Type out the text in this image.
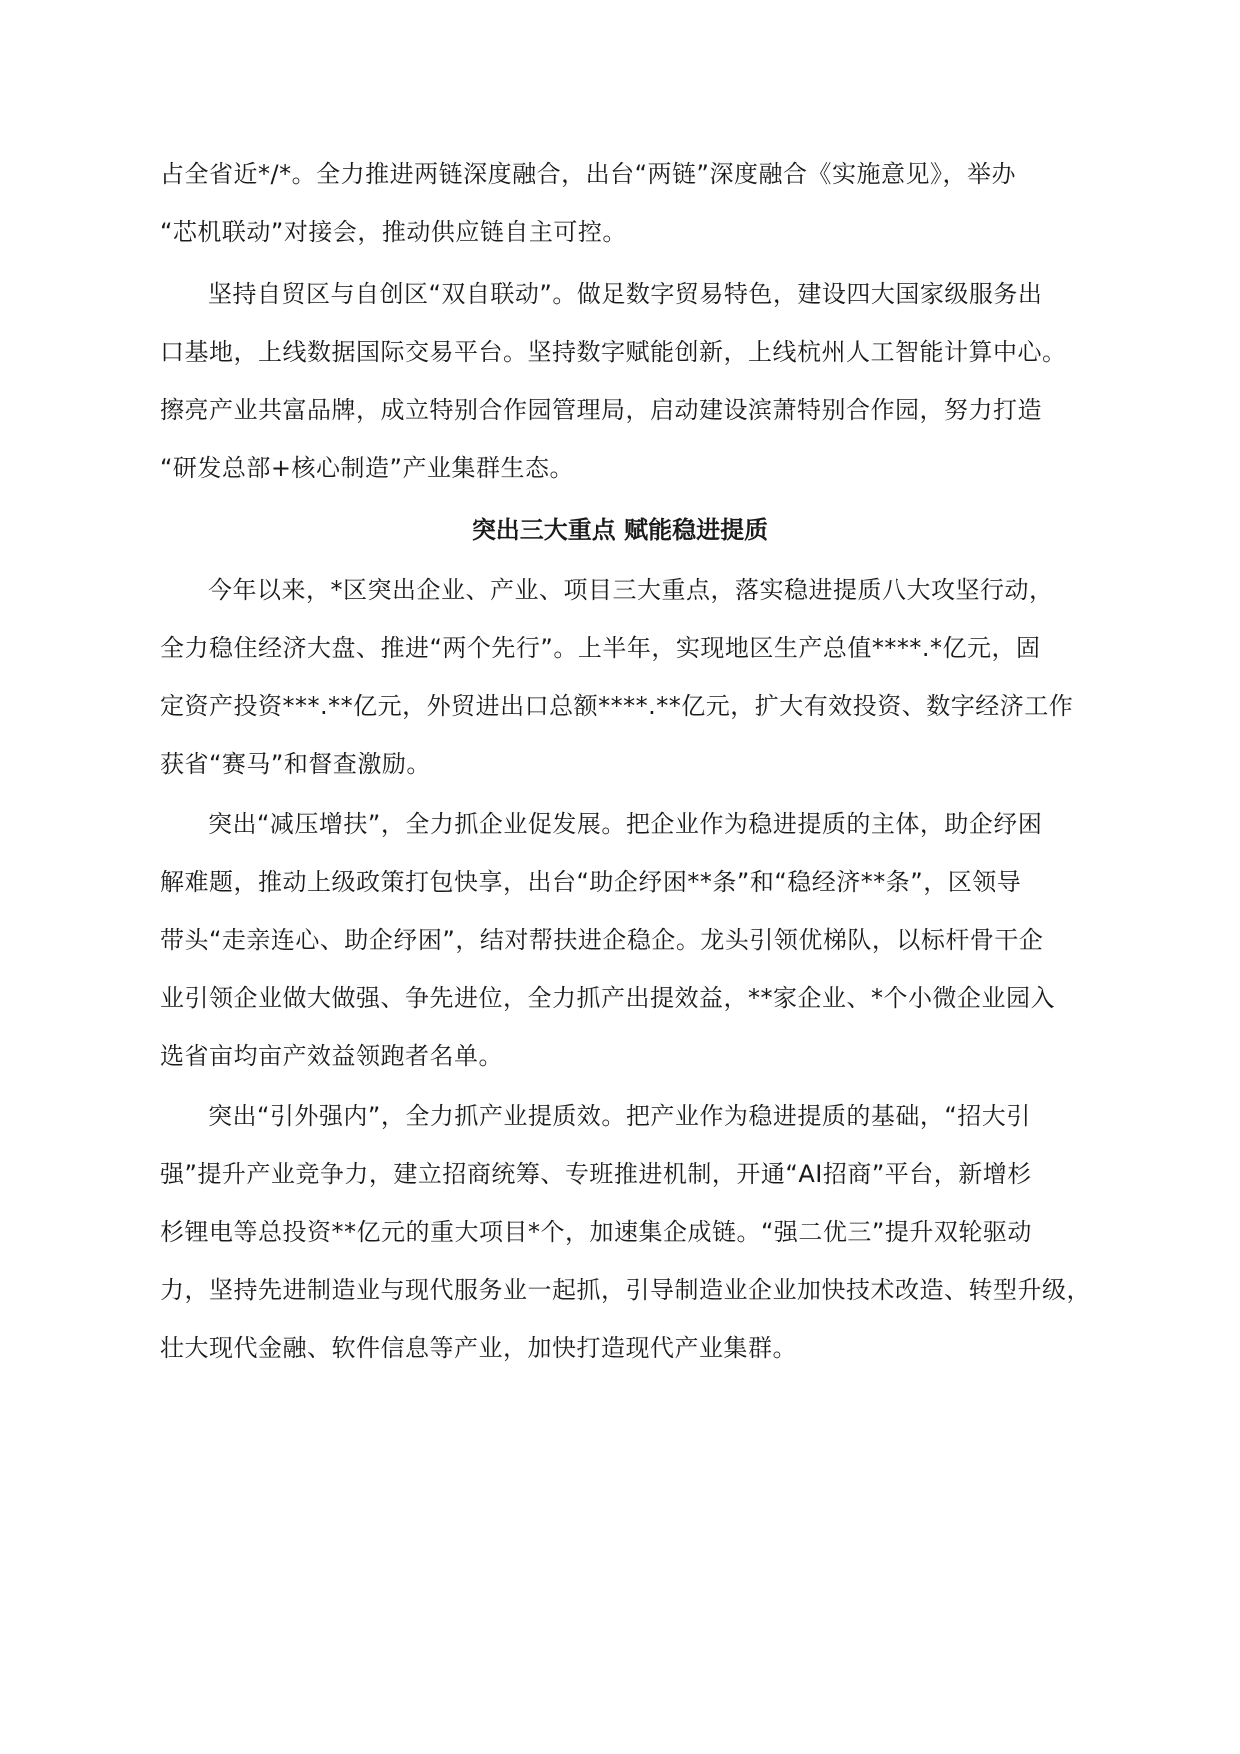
占全省近*/*。全力推进两链深度融合，出台“两链”深度融合《实施意见》，举办
“芯机联动”对接会，推动供应链自主可控。
坚持自贸区与自创区“双自联动”。做足数字贸易特色，建设四大国家级服务出
口基地，上线数据国际交易平台。坚持数字赋能创新，上线杭州人工智能计算中心。
擦亮产业共富品牌，成立特别合作园管理局，启动建设滨萧特别合作园，努力打造
“研发总部+核心制造”产业集群生态。
突出三大重点 赋能稳进提质
今年以来，*区突出企业、产业、项目三大重点，落实稳进提质八大攻坚行动，
全力稳住经济大盘、推进“两个先行”。上半年，实现地区生产总值****.*亿元，固
定资产投资***.**亿元，外贸进出口总额****.**亿元，扩大有效投资、数字经济工作
获省“赛马”和督查激励。
突出“减压增扶”，全力抓企业促发展。把企业作为稳进提质的主体，助企纾困
解难题，推动上级政策打包快享，出台“助企纾困**条”和“稳经济**条”，区领导
带头“走亲连心、助企纾困”，结对帮扶进企稳企。龙头引领优梯队，以标杆骨干企
业引领企业做大做强、争先进位，全力抓产出提效益，**家企业、*个小微企业园入
选省亩均亩产效益领跑者名单。
突出“引外强内”，全力抓产业提质效。把产业作为稳进提质的基础，“招大引
强”提升产业竞争力，建立招商统筹、专班推进机制，开通“AI招商”平台，新增杉
杉锂电等总投资**亿元的重大项目*个，加速集企成链。“强二优三”提升双轮驱动
力，坚持先进制造业与现代服务业一起抓，引导制造业企业加快技术改造、转型升级，
壮大现代金融、软件信息等产业，加快打造现代产业集群。
